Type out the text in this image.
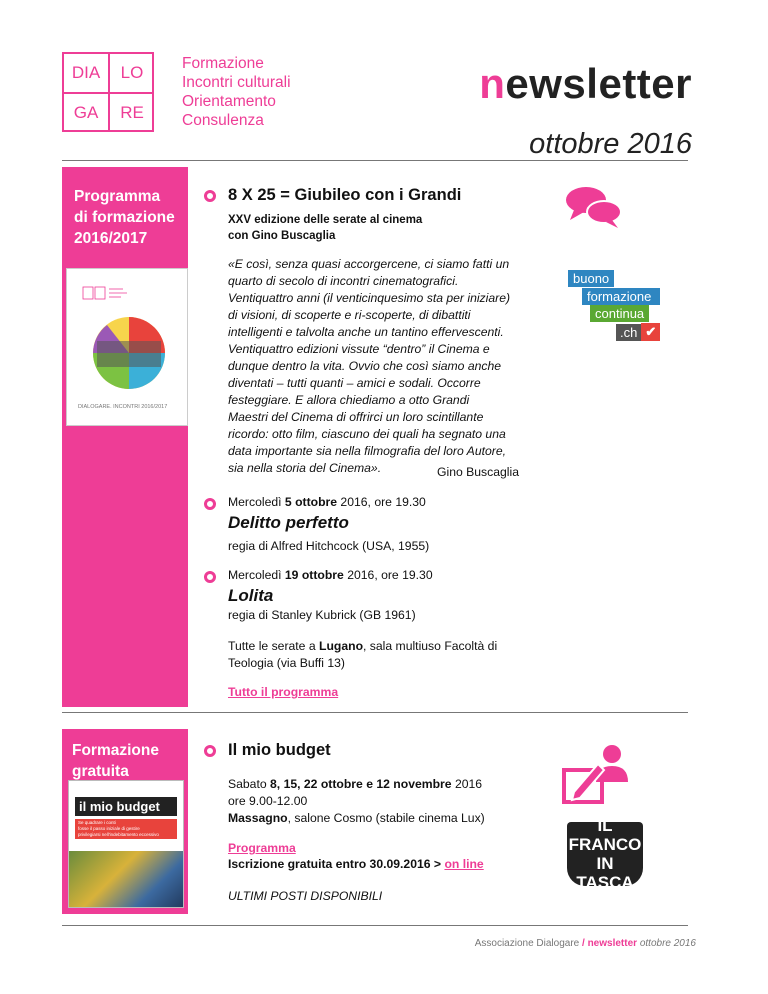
DIA	LO
GA	RE
Formazione
Incontri culturali
Orientamento
Consulenza
newsletter
ottobre 2016
Programma
di formazione
2016/2017
DIALOGARE. INCONTRI 2016/2017
8 X 25 = Giubileo con i Grandi
XXV edizione delle serate al cinema
con Gino Buscaglia
«E così, senza quasi accorgercene, ci siamo fatti un
quarto di secolo di incontri cinematografici.
Ventiquattro anni (il venticinquesimo sta per iniziare)
di visioni, di scoperte e ri-scoperte, di dibattiti
intelligenti e talvolta anche un tantino effervescenti.
Ventiquattro edizioni vissute “dentro” il Cinema e
dunque dentro la vita. Ovvio che così siamo anche
diventati – tutti quanti – amici e sodali. Occorre
festeggiare. E allora chiediamo a otto Grandi
Maestri del Cinema di offrirci un loro scintillante
ricordo: otto film, ciascuno dei quali ha segnato una
data importante sia nella filmografia del loro Autore,
sia nella storia del Cinema».	Gino Buscaglia
buono
formazione
continua
.ch ✔
Mercoledì 5 ottobre 2016, ore 19.30
Delitto perfetto
regia di Alfred Hitchcock (USA, 1955)
Mercoledì 19 ottobre 2016, ore 19.30
Lolita
regia di Stanley Kubrick (GB 1961)
Tutte le serate a Lugano, sala multiuso Facoltà di
Teologia (via Buffi 13)
Tutto il programma
Formazione
gratuita
il mio budget
Se quadrare i conti
fosse il passo iniziale di gestire
privilegiarsi nell'indebitamento eccessivo
Il mio budget
Sabato 8, 15, 22 ottobre e 12 novembre 2016
ore 9.00-12.00
Massagno, salone Cosmo (stabile cinema Lux)
Programma
Iscrizione gratuita entro 30.09.2016 > on line
ULTIMI POSTI DISPONIBILI
IL FRANCO
IN TASCA
Associazione Dialogare / newsletter ottobre 2016
